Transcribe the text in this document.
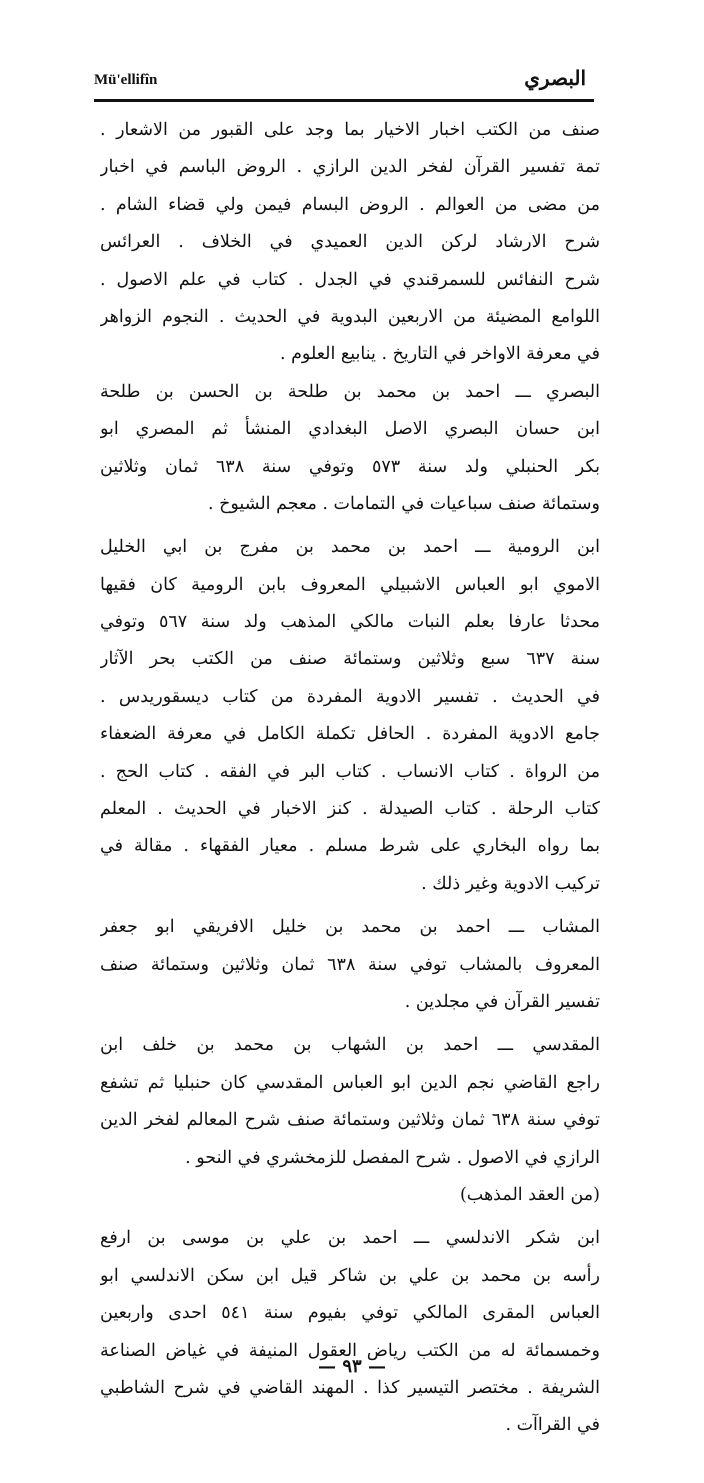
Mü'ellifîn	البصري
صنف من الكتب اخبار الاخيار بما وجد على القبور من الاشعار .
تمة تفسير القرآن لفخر الدين الرازي . الروض الباسم في اخبار
من مضى من العوالم . الروض البسام فيمن ولي قضاء الشام .
شرح الارشاد لركن الدين العميدي في الخلاف . العرائس
شرح النفائس للسمرقندي في الجدل . كتاب في علم الاصول .
اللوامع المضيئة من الاربعين البدوية في الحديث . النجوم الزواهر
في معرفة الاواخر في التاريخ . ينابيع العلوم .
البصري ـــ احمد بن محمد بن طلحة بن الحسن بن طلحة
ابن حسان البصري الاصل البغدادي المنشأ ثم المصري ابو
بكر الحنبلي ولد سنة ٥٧٣ وتوفي سنة ٦٣٨ ثمان وثلاثين
وستمائة صنف سباعيات في التمامات . معجم الشيوخ .
ابن الرومية ـــ احمد بن محمد بن مفرج بن ابي الخليل
الاموي ابو العباس الاشبيلي المعروف بابن الرومية كان فقيها
محدثا عارفا بعلم النبات مالكي المذهب ولد سنة ٥٦٧ وتوفي
سنة ٦٣٧ سبع وثلاثين وستمائة صنف من الكتب بحر الآثار
في الحديث . تفسير الادوية المفردة من كتاب ديسقوريدس .
جامع الادوية المفردة . الحافل تكملة الكامل في معرفة الضعفاء
من الرواة . كتاب الانساب . كتاب البر في الفقه . كتاب الحج .
كتاب الرحلة . كتاب الصيدلة . كنز الاخبار في الحديث . المعلم
بما رواه البخاري على شرط مسلم . معيار الفقهاء . مقالة في
تركيب الادوية وغير ذلك .
المشاب ـــ احمد بن محمد بن خليل الافريقي ابو جعفر
المعروف بالمشاب توفي سنة ٦٣٨ ثمان وثلاثين وستمائة صنف
تفسير القرآن في مجلدين .
المقدسي ـــ احمد بن الشهاب بن محمد بن خلف ابن
راجع القاضي نجم الدين ابو العباس المقدسي كان حنبليا ثم تشفع
توفي سنة ٦٣٨ ثمان وثلاثين وستمائة صنف شرح المعالم لفخر الدين
الرازي في الاصول . شرح المفصل للزمخشري في النحو .
(من العقد المذهب)
ابن شكر الاندلسي ـــ احمد بن علي بن موسى بن ارفع
رأسه بن محمد بن علي بن شاكر قيل ابن سكن الاندلسي ابو
العباس المقرى المالكي توفي بفيوم سنة ٥٤١ احدى واربعين
وخمسمائة له من الكتب رياض العقول المنيفة في غياض الصناعة
الشريفة . مختصر التيسير كذا . المهند القاضي في شرح الشاطبي
في القراآت .
— ٩٣ —
